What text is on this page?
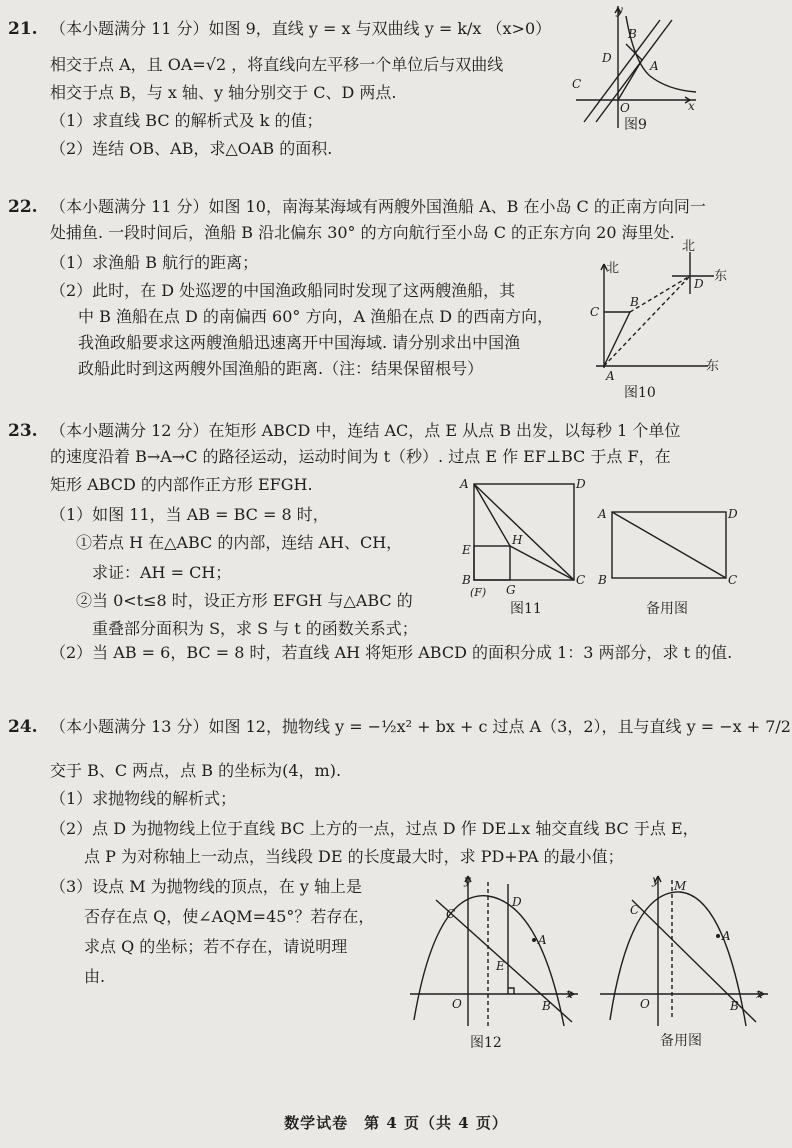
21. （本小题满分 11 分）如图 9，直线 y = x 与双曲线 y = k/x （x>0）
相交于点 A，且 OA=√2 ，将直线向左平移一个单位后与双曲线
相交于点 B，与 x 轴、y 轴分别交于 C、D 两点.
（1）求直线 BC 的解析式及 k 的值；
（2）连结 OB、AB，求△OAB 的面积.
y
x
O
A
B
C
D
图9
22. （本小题满分 11 分）如图 10，南海某海域有两艘外国渔船 A、B 在小岛 C 的正南方向同一
处捕鱼. 一段时间后，渔船 B 沿北偏东 30° 的方向航行至小岛 C 的正东方向 20 海里处.
（1）求渔船 B 航行的距离；
（2）此时，在 D 处巡逻的中国渔政船同时发现了这两艘渔船，其
中 B 渔船在点 D 的南偏西 60° 方向，A 渔船在点 D 的西南方向，
我渔政船要求这两艘渔船迅速离开中国海域. 请分别求出中国渔
政船此时到这两艘外国渔船的距离.（注：结果保留根号）
北
北
东
东
A
B
C
D
图10
23. （本小题满分 12 分）在矩形 ABCD 中，连结 AC，点 E 从点 B 出发，以每秒 1 个单位
的速度沿着 B→A→C 的路径运动，运动时间为 t（秒）. 过点 E 作 EF⊥BC 于点 F，在
矩形 ABCD 的内部作正方形 EFGH.
（1）如图 11，当 AB = BC = 8 时，
①若点 H 在△ABC 的内部，连结 AH、CH，
求证：AH = CH；
②当 0<t≤8 时，设正方形 EFGH 与△ABC 的
重叠部分面积为 S，求 S 与 t 的函数关系式；
（2）当 AB = 6，BC = 8 时，若直线 AH 将矩形 ABCD 的面积分成 1：3 两部分，求 t 的值.
A	D
B	C
E
H
(F) G
图11
A	D
B	C
备用图
24. （本小题满分 13 分）如图 12，抛物线 y = −½x² + bx + c 过点 A（3，2），且与直线 y = −x + 7/2
交于 B、C 两点，点 B 的坐标为(4，m).
（1）求抛物线的解析式；
（2）点 D 为抛物线上位于直线 BC 上方的一点，过点 D 作 DE⊥x 轴交直线 BC 于点 E，
点 P 为对称轴上一动点，当线段 DE 的长度最大时，求 PD+PA 的最小值；
（3）设点 M 为抛物线的顶点，在 y 轴上是
否存在点 Q，使∠AQM=45°？若存在，
求点 Q 的坐标；若不存在，请说明理
由.
y
x
O
A
B
C
D
E
图12
y M
x
O
A
B
C
备用图
数学试卷　第 4 页（共 4 页）
